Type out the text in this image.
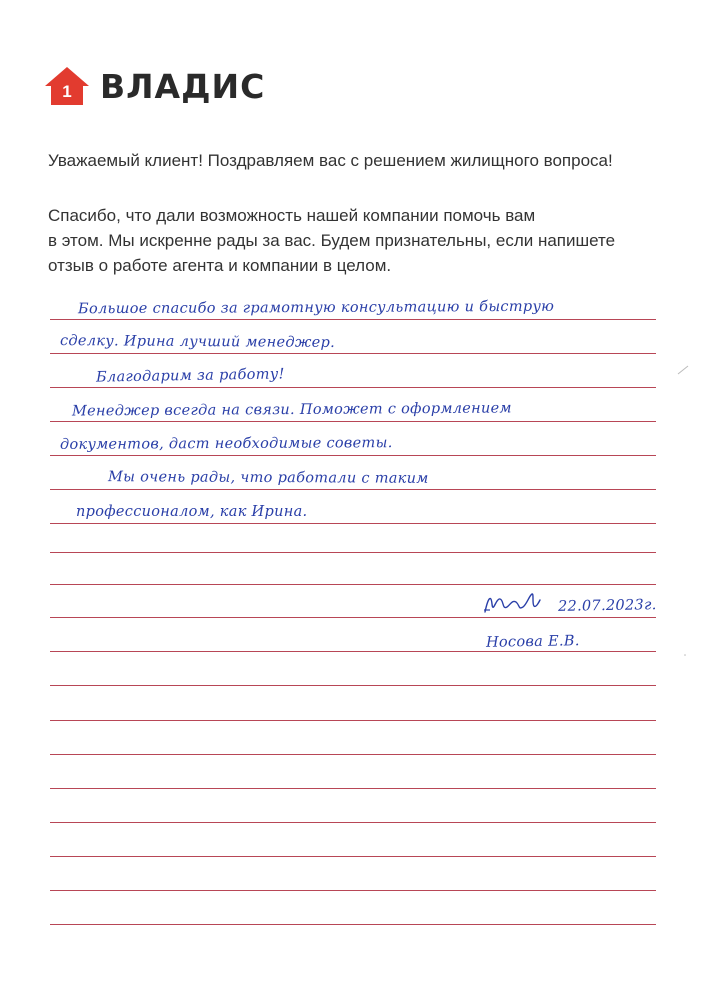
1 ВЛАДИС
Уважаемый клиент! Поздравляем вас с решением жилищного вопроса!
Спасибо, что дали возможность нашей компании помочь вам
в этом. Мы искренне рады за вас. Будем признательны, если напишете
отзыв о работе агента и компании в целом.
Большое спасибо за грамотную консультацию и быструю
сделку. Ирина лучший менеджер.
Благодарим за работу!
Менеджер всегда на связи. Поможет с оформлением
документов, даст необходимые советы.
Мы очень рады, что работали с таким
профессионалом, как Ирина.
22.07.2023г.
Носова Е.В.
